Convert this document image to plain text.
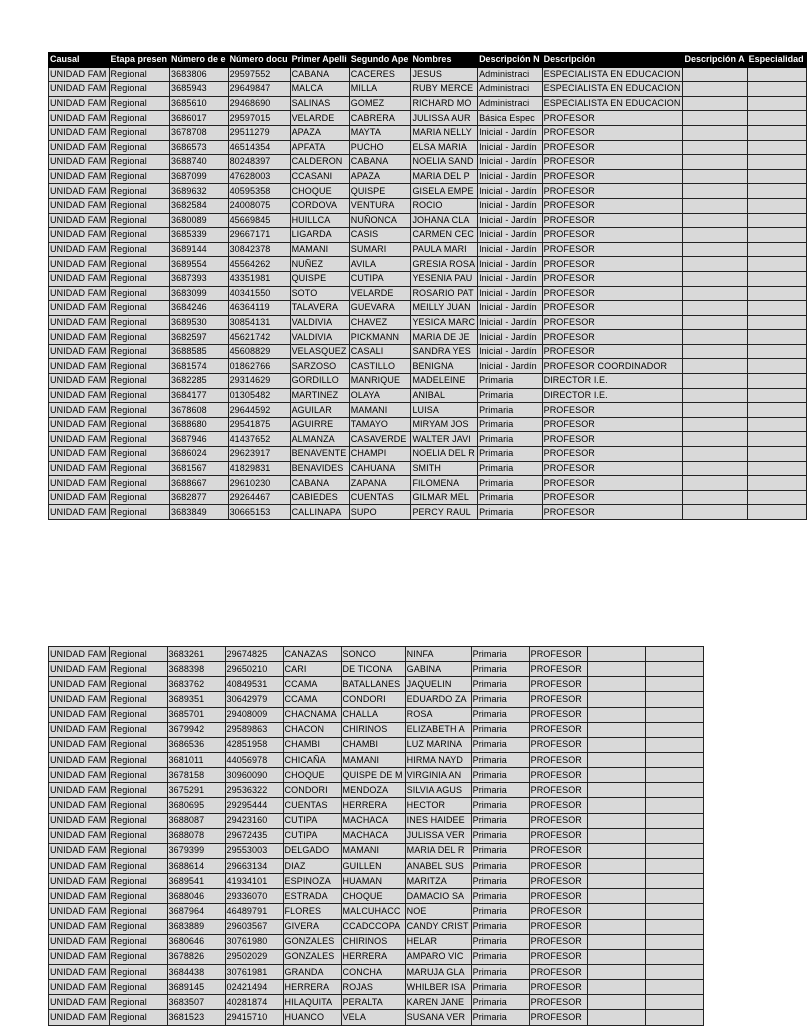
Causal	Etapa presen	Número de e	Número docu	Primer Apelli	Segundo Ape	Nombres	Descripción N	Descripción	Descripción A	Especialidad
UNIDAD FAM	Regional	3683806	29597552	CABANA	CACERES	JESUS	Administraci	ESPECIALISTA EN EDUCACION		
UNIDAD FAM	Regional	3685943	29649847	MALCA	MILLA	RUBY MERCE	Administraci	ESPECIALISTA EN EDUCACION		
UNIDAD FAM	Regional	3685610	29468690	SALINAS	GOMEZ	RICHARD MO	Administraci	ESPECIALISTA EN EDUCACION		
UNIDAD FAM	Regional	3686017	29597015	VELARDE	CABRERA	JULISSA AUR	Básica Espec	PROFESOR		
UNIDAD FAM	Regional	3678708	29511279	APAZA	MAYTA	MARIA NELLY	Inicial - Jardín	PROFESOR		
UNIDAD FAM	Regional	3686573	46514354	APFATA	PUCHO	ELSA MARIA	Inicial - Jardín	PROFESOR		
UNIDAD FAM	Regional	3688740	80248397	CALDERON	CABANA	NOELIA SAND	Inicial - Jardín	PROFESOR		
UNIDAD FAM	Regional	3687099	47628003	CCASANI	APAZA	MARIA DEL P	Inicial - Jardín	PROFESOR		
UNIDAD FAM	Regional	3689632	40595358	CHOQUE	QUISPE	GISELA EMPE	Inicial - Jardín	PROFESOR		
UNIDAD FAM	Regional	3682584	24008075	CORDOVA	VENTURA	ROCIO	Inicial - Jardín	PROFESOR		
UNIDAD FAM	Regional	3680089	45669845	HUILLCA	NUÑONCA	JOHANA CLA	Inicial - Jardín	PROFESOR		
UNIDAD FAM	Regional	3685339	29667171	LIGARDA	CASIS	CARMEN CEC	Inicial - Jardín	PROFESOR		
UNIDAD FAM	Regional	3689144	30842378	MAMANI	SUMARI	PAULA MARI	Inicial - Jardín	PROFESOR		
UNIDAD FAM	Regional	3689554	45564262	NUÑEZ	AVILA	GRESIA ROSA	Inicial - Jardín	PROFESOR		
UNIDAD FAM	Regional	3687393	43351981	QUISPE	CUTIPA	YESENIA PAU	Inicial - Jardín	PROFESOR		
UNIDAD FAM	Regional	3683099	40341550	SOTO	VELARDE	ROSARIO PAT	Inicial - Jardín	PROFESOR		
UNIDAD FAM	Regional	3684246	46364119	TALAVERA	GUEVARA	MEILLY JUAN	Inicial - Jardín	PROFESOR		
UNIDAD FAM	Regional	3689530	30854131	VALDIVIA	CHAVEZ	YESICA MARC	Inicial - Jardín	PROFESOR		
UNIDAD FAM	Regional	3682597	45621742	VALDIVIA	PICKMANN	MARIA DE JE	Inicial - Jardín	PROFESOR		
UNIDAD FAM	Regional	3688585	45608829	VELASQUEZ	CASALI	SANDRA YES	Inicial - Jardín	PROFESOR		
UNIDAD FAM	Regional	3681574	01862766	SARZOSO	CASTILLO	BENIGNA	Inicial - Jardín	PROFESOR COORDINADOR		
UNIDAD FAM	Regional	3682285	29314629	GORDILLO	MANRIQUE	MADELEINE	Primaria	DIRECTOR I.E.		
UNIDAD FAM	Regional	3684177	01305482	MARTINEZ	OLAYA	ANIBAL	Primaria	DIRECTOR I.E.		
UNIDAD FAM	Regional	3678608	29644592	AGUILAR	MAMANI	LUISA	Primaria	PROFESOR		
UNIDAD FAM	Regional	3688680	29541875	AGUIRRE	TAMAYO	MIRYAM JOS	Primaria	PROFESOR		
UNIDAD FAM	Regional	3687946	41437652	ALMANZA	CASAVERDE	WALTER JAVI	Primaria	PROFESOR		
UNIDAD FAM	Regional	3686024	29623917	BENAVENTE	CHAMPI	NOELIA DEL R	Primaria	PROFESOR		
UNIDAD FAM	Regional	3681567	41829831	BENAVIDES	CAHUANA	SMITH	Primaria	PROFESOR		
UNIDAD FAM	Regional	3688667	29610230	CABANA	ZAPANA	FILOMENA	Primaria	PROFESOR		
UNIDAD FAM	Regional	3682877	29264467	CABIEDES	CUENTAS	GILMAR MEL	Primaria	PROFESOR		
UNIDAD FAM	Regional	3683849	30665153	CALLINAPA	SUPO	PERCY RAUL	Primaria	PROFESOR		
UNIDAD FAM	Regional	3683261	29674825	CANAZAS	SONCO	NINFA	Primaria	PROFESOR		
UNIDAD FAM	Regional	3688398	29650210	CARI	DE TICONA	GABINA	Primaria	PROFESOR		
UNIDAD FAM	Regional	3683762	40849531	CCAMA	BATALLANES	JAQUELIN	Primaria	PROFESOR		
UNIDAD FAM	Regional	3689351	30642979	CCAMA	CONDORI	EDUARDO ZA	Primaria	PROFESOR		
UNIDAD FAM	Regional	3685701	29408009	CHACNAMA	CHALLA	ROSA	Primaria	PROFESOR		
UNIDAD FAM	Regional	3679942	29589863	CHACON	CHIRINOS	ELIZABETH A	Primaria	PROFESOR		
UNIDAD FAM	Regional	3686536	42851958	CHAMBI	CHAMBI	LUZ MARINA	Primaria	PROFESOR		
UNIDAD FAM	Regional	3681011	44056978	CHICAÑA	MAMANI	HIRMA NAYD	Primaria	PROFESOR		
UNIDAD FAM	Regional	3678158	30960090	CHOQUE	QUISPE DE M	VIRGINIA AN	Primaria	PROFESOR		
UNIDAD FAM	Regional	3675291	29536322	CONDORI	MENDOZA	SILVIA AGUS	Primaria	PROFESOR		
UNIDAD FAM	Regional	3680695	29295444	CUENTAS	HERRERA	HECTOR	Primaria	PROFESOR		
UNIDAD FAM	Regional	3688087	29423160	CUTIPA	MACHACA	INES HAIDEE	Primaria	PROFESOR		
UNIDAD FAM	Regional	3688078	29672435	CUTIPA	MACHACA	JULISSA VER	Primaria	PROFESOR		
UNIDAD FAM	Regional	3679399	29553003	DELGADO	MAMANI	MARIA DEL R	Primaria	PROFESOR		
UNIDAD FAM	Regional	3688614	29663134	DIAZ	GUILLEN	ANABEL SUS	Primaria	PROFESOR		
UNIDAD FAM	Regional	3689541	41934101	ESPINOZA	HUAMAN	MARITZA	Primaria	PROFESOR		
UNIDAD FAM	Regional	3688046	29336070	ESTRADA	CHOQUE	DAMACIO SA	Primaria	PROFESOR		
UNIDAD FAM	Regional	3687964	46489791	FLORES	MALCUHACC	NOE	Primaria	PROFESOR		
UNIDAD FAM	Regional	3683889	29603567	GIVERA	CCADCCOPA	CANDY CRIST	Primaria	PROFESOR		
UNIDAD FAM	Regional	3680646	30761980	GONZALES	CHIRINOS	HELAR	Primaria	PROFESOR		
UNIDAD FAM	Regional	3678826	29502029	GONZALES	HERRERA	AMPARO VIC	Primaria	PROFESOR		
UNIDAD FAM	Regional	3684438	30761981	GRANDA	CONCHA	MARUJA GLA	Primaria	PROFESOR		
UNIDAD FAM	Regional	3689145	02421494	HERRERA	ROJAS	WHILBER ISA	Primaria	PROFESOR		
UNIDAD FAM	Regional	3683507	40281874	HILAQUITA	PERALTA	KAREN JANE	Primaria	PROFESOR		
UNIDAD FAM	Regional	3681523	29415710	HUANCO	VELA	SUSANA VER	Primaria	PROFESOR		
